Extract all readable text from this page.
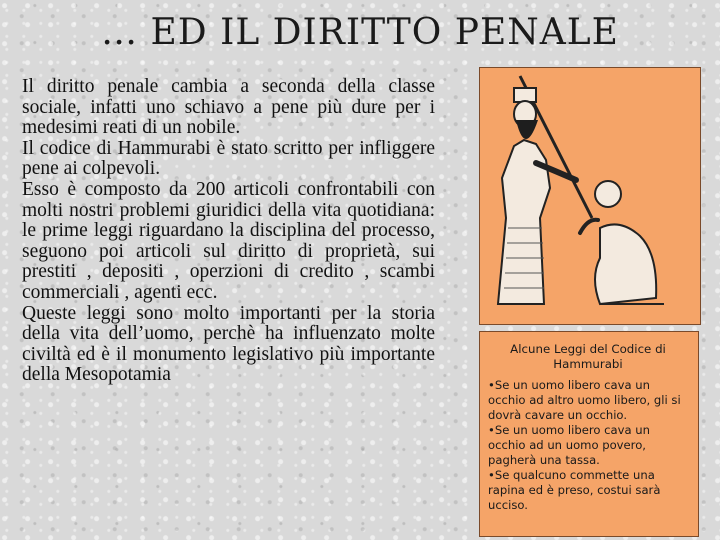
… ED IL DIRITTO PENALE

Il diritto penale cambia a seconda della classe sociale, infatti uno schiavo a pene più dure per i medesimi reati di un nobile.

Il codice di Hammurabi è stato scritto per infliggere pene ai colpevoli.

Esso è composto da 200 articoli confrontabili con molti nostri problemi giuridici della vita quotidiana: le prime leggi riguardano la disciplina del processo, seguono poi articoli sul diritto di proprietà, sui prestiti , depositi , operzioni di credito , scambi commerciali , agenti ecc.

Queste leggi sono molto importanti per la storia della vita dell’uomo, perchè ha influenzato molte civiltà ed è il monumento legislativo più importante della Mesopotamia

Alcune Leggi del Codice di Hammurabi
•Se un uomo libero cava un occhio ad altro uomo libero, gli si dovrà cavare un occhio.
•Se un uomo libero cava un occhio ad un uomo povero, pagherà una tassa.
•Se qualcuno commette una rapina ed è preso, costui sarà ucciso.
